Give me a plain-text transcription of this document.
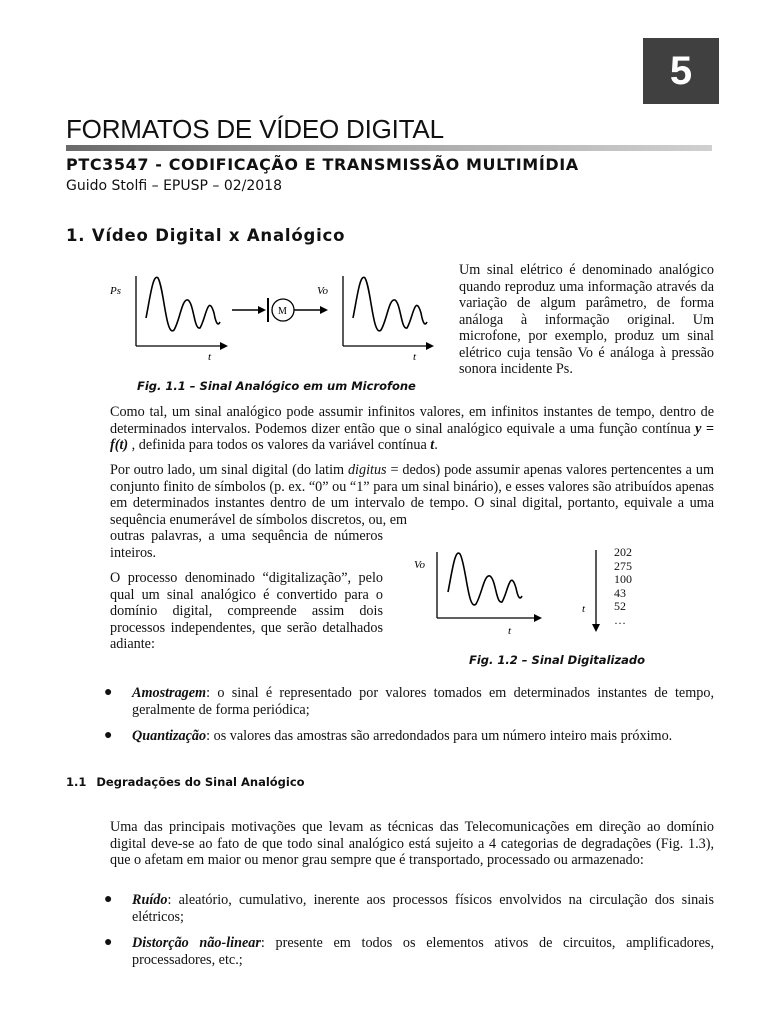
5
FORMATOS DE VÍDEO DIGITAL
PTC3547 - CODIFICAÇÃO E TRANSMISSÃO MULTIMÍDIA
Guido Stolfi – EPUSP – 02/2018
1. Vídeo Digital x Analógico
Ps
t
M
Vo
t
Fig. 1.1 – Sinal Analógico em um Microfone

Um sinal elétrico é denominado analógico quando reproduz uma informação através da variação de algum parâmetro, de forma análoga à informação original. Um microfone, por exemplo, produz um sinal elétrico cuja tensão Vo é análoga à pressão sonora incidente Ps.

Como tal, um sinal analógico pode assumir infinitos valores, em infinitos instantes de tempo, dentro de determinados intervalos. Podemos dizer então que o sinal analógico equivale a uma função contínua y = f(t) , definida para todos os valores da variável contínua t.

Por outro lado, um sinal digital (do latim digitus = dedos) pode assumir apenas valores pertencentes a um conjunto finito de símbolos (p. ex. “0” ou “1” para um sinal binário), e esses valores são atribuídos apenas em determinados instantes dentro de um intervalo de tempo. O sinal digital, portanto, equivale a uma sequência enumerável de símbolos discretos, ou, em

outras palavras, a uma sequência de números inteiros.

O processo denominado “digitalização”, pelo qual um sinal analógico é convertido para o domínio digital, compreende assim dois processos independentes, que serão detalhados adiante:

Vo
t
t
202
275
100
43
52
…
Fig. 1.2 – Sinal Digitalizado
● Amostragem: o sinal é representado por valores tomados em determinados instantes de tempo, geralmente de forma periódica;
● Quantização: os valores das amostras são arredondados para um número inteiro mais próximo.
1.1 Degradações do Sinal Analógico

Uma das principais motivações que levam as técnicas das Telecomunicações em direção ao domínio digital deve-se ao fato de que todo sinal analógico está sujeito a 4 categorias de degradações (Fig. 1.3), que o afetam em maior ou menor grau sempre que é transportado, processado ou armazenado:

● Ruído: aleatório, cumulativo, inerente aos processos físicos envolvidos na circulação dos sinais elétricos;
● Distorção não-linear: presente em todos os elementos ativos de circuitos, amplificadores, processadores, etc.;
